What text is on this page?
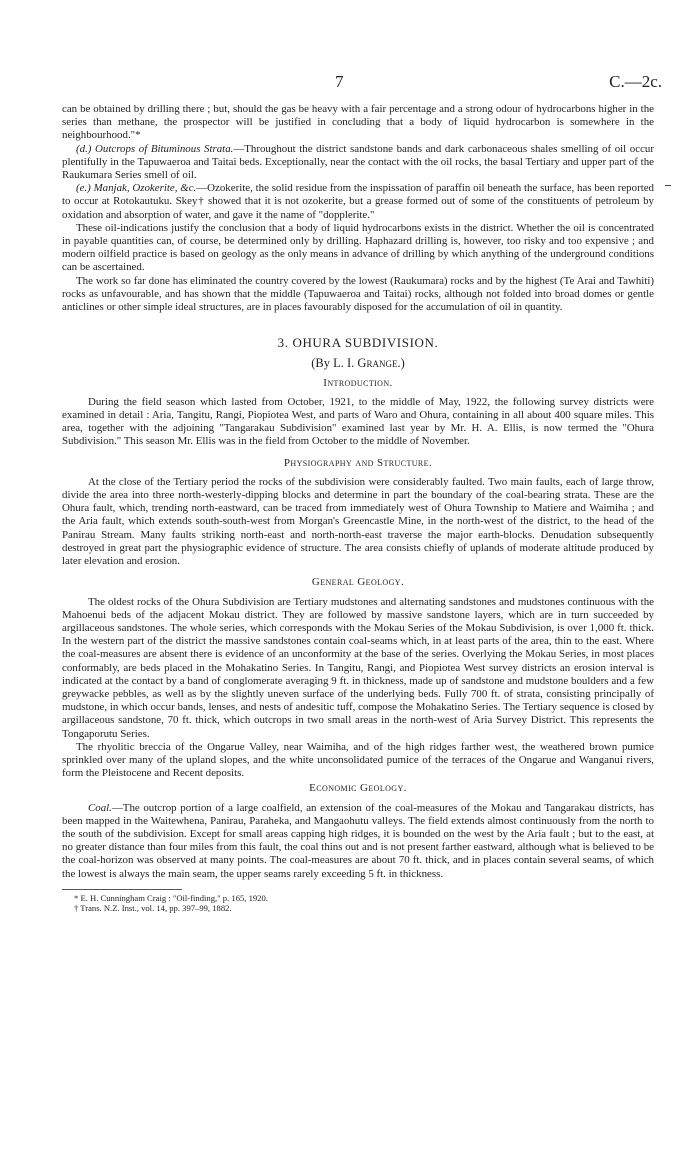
7	C.—2c.

can be obtained by drilling there ; but, should the gas be heavy with a fair percentage and a strong odour of hydrocarbons higher in the series than methane, the prospector will be justified in concluding that a body of liquid hydrocarbon is somewhere in the neighbourhood."*

(d.) Outcrops of Bituminous Strata.—Throughout the district sandstone bands and dark carbonaceous shales smelling of oil occur plentifully in the Tapuwaeroa and Taitai beds. Exceptionally, near the contact with the oil rocks, the basal Tertiary and upper part of the Raukumara Series smell of oil.

(e.) Manjak, Ozokerite, &c.—Ozokerite, the solid residue from the inspissation of paraffin oil beneath the surface, has been reported to occur at Rotokautuku. Skey† showed that it is not ozokerite, but a grease formed out of some of the constituents of petroleum by oxidation and absorption of water, and gave it the name of "dopplerite."

These oil-indications justify the conclusion that a body of liquid hydrocarbons exists in the district. Whether the oil is concentrated in payable quantities can, of course, be determined only by drilling. Haphazard drilling is, however, too risky and too expensive ; and modern oilfield practice is based on geology as the only means in advance of drilling by which anything of the underground conditions can be ascertained.

The work so far done has eliminated the country covered by the lowest (Raukumara) rocks and by the highest (Te Arai and Tawhiti) rocks as unfavourable, and has shown that the middle (Tapuwaeroa and Taitai) rocks, although not folded into broad domes or gentle anticlines or other simple ideal structures, are in places favourably disposed for the accumulation of oil in quantity.

3. OHURA SUBDIVISION.
(By L. I. Grange.)
Introduction.

During the field season which lasted from October, 1921, to the middle of May, 1922, the following survey districts were examined in detail : Aria, Tangitu, Rangi, Piopiotea West, and parts of Waro and Ohura, containing in all about 400 square miles. This area, together with the adjoining "Tangarakau Subdivision" examined last year by Mr. H. A. Ellis, is now termed the "Ohura Subdivision." This season Mr. Ellis was in the field from October to the middle of November.

Physiography and Structure.

At the close of the Tertiary period the rocks of the subdivision were considerably faulted. Two main faults, each of large throw, divide the area into three north-westerly-dipping blocks and determine in part the boundary of the coal-bearing strata. These are the Ohura fault, which, trending north-eastward, can be traced from immediately west of Ohura Township to Matiere and Waimiha ; and the Aria fault, which extends south-south-west from Morgan's Greencastle Mine, in the north-west of the district, to the head of the Panirau Stream. Many faults striking north-east and north-north-east traverse the major earth-blocks. Denudation subsequently destroyed in great part the physiographic evidence of structure. The area consists chiefly of uplands of moderate altitude produced by later elevation and erosion.

General Geology.

The oldest rocks of the Ohura Subdivision are Tertiary mudstones and alternating sandstones and mudstones continuous with the Mahoenui beds of the adjacent Mokau district. They are followed by massive sandstone layers, which are in turn succeeded by argillaceous sandstones. The whole series, which corresponds with the Mokau Series of the Mokau Subdivision, is over 1,000 ft. thick. In the western part of the district the massive sandstones contain coal-seams which, in at least parts of the area, thin to the east. Where the coal-measures are absent there is evidence of an unconformity at the base of the series. Overlying the Mokau Series, in most places conformably, are beds placed in the Mohakatino Series. In Tangitu, Rangi, and Piopiotea West survey districts an erosion interval is indicated at the contact by a band of conglomerate averaging 9 ft. in thickness, made up of sandstone and mudstone boulders and a few greywacke pebbles, as well as by the slightly uneven surface of the underlying beds. Fully 700 ft. of strata, consisting principally of mudstone, in which occur bands, lenses, and nests of andesitic tuff, compose the Mohakatino Series. The Tertiary sequence is closed by argillaceous sandstone, 70 ft. thick, which outcrops in two small areas in the north-west of Aria Survey District. This represents the Tongaporutu Series.

The rhyolitic breccia of the Ongarue Valley, near Waimiha, and of the high ridges farther west, the weathered brown pumice sprinkled over many of the upland slopes, and the white unconsolidated pumice of the terraces of the Ongarue and Wanganui rivers, form the Pleistocene and Recent deposits.

Economic Geology.

Coal.—The outcrop portion of a large coalfield, an extension of the coal-measures of the Mokau and Tangarakau districts, has been mapped in the Waitewhena, Panirau, Paraheka, and Mangaohutu valleys. The field extends almost continuously from the north to the south of the subdivision. Except for small areas capping high ridges, it is bounded on the west by the Aria fault ; but to the east, at no greater distance than four miles from this fault, the coal thins out and is not present farther eastward, although what is believed to be the coal-horizon was observed at many points. The coal-measures are about 70 ft. thick, and in places contain several seams, of which the lowest is always the main seam, the upper seams rarely exceeding 5 ft. in thickness.

* E. H. Cunningham Craig : "Oil-finding," p. 165, 1920.
† Trans. N.Z. Inst., vol. 14, pp. 397–99, 1882.
